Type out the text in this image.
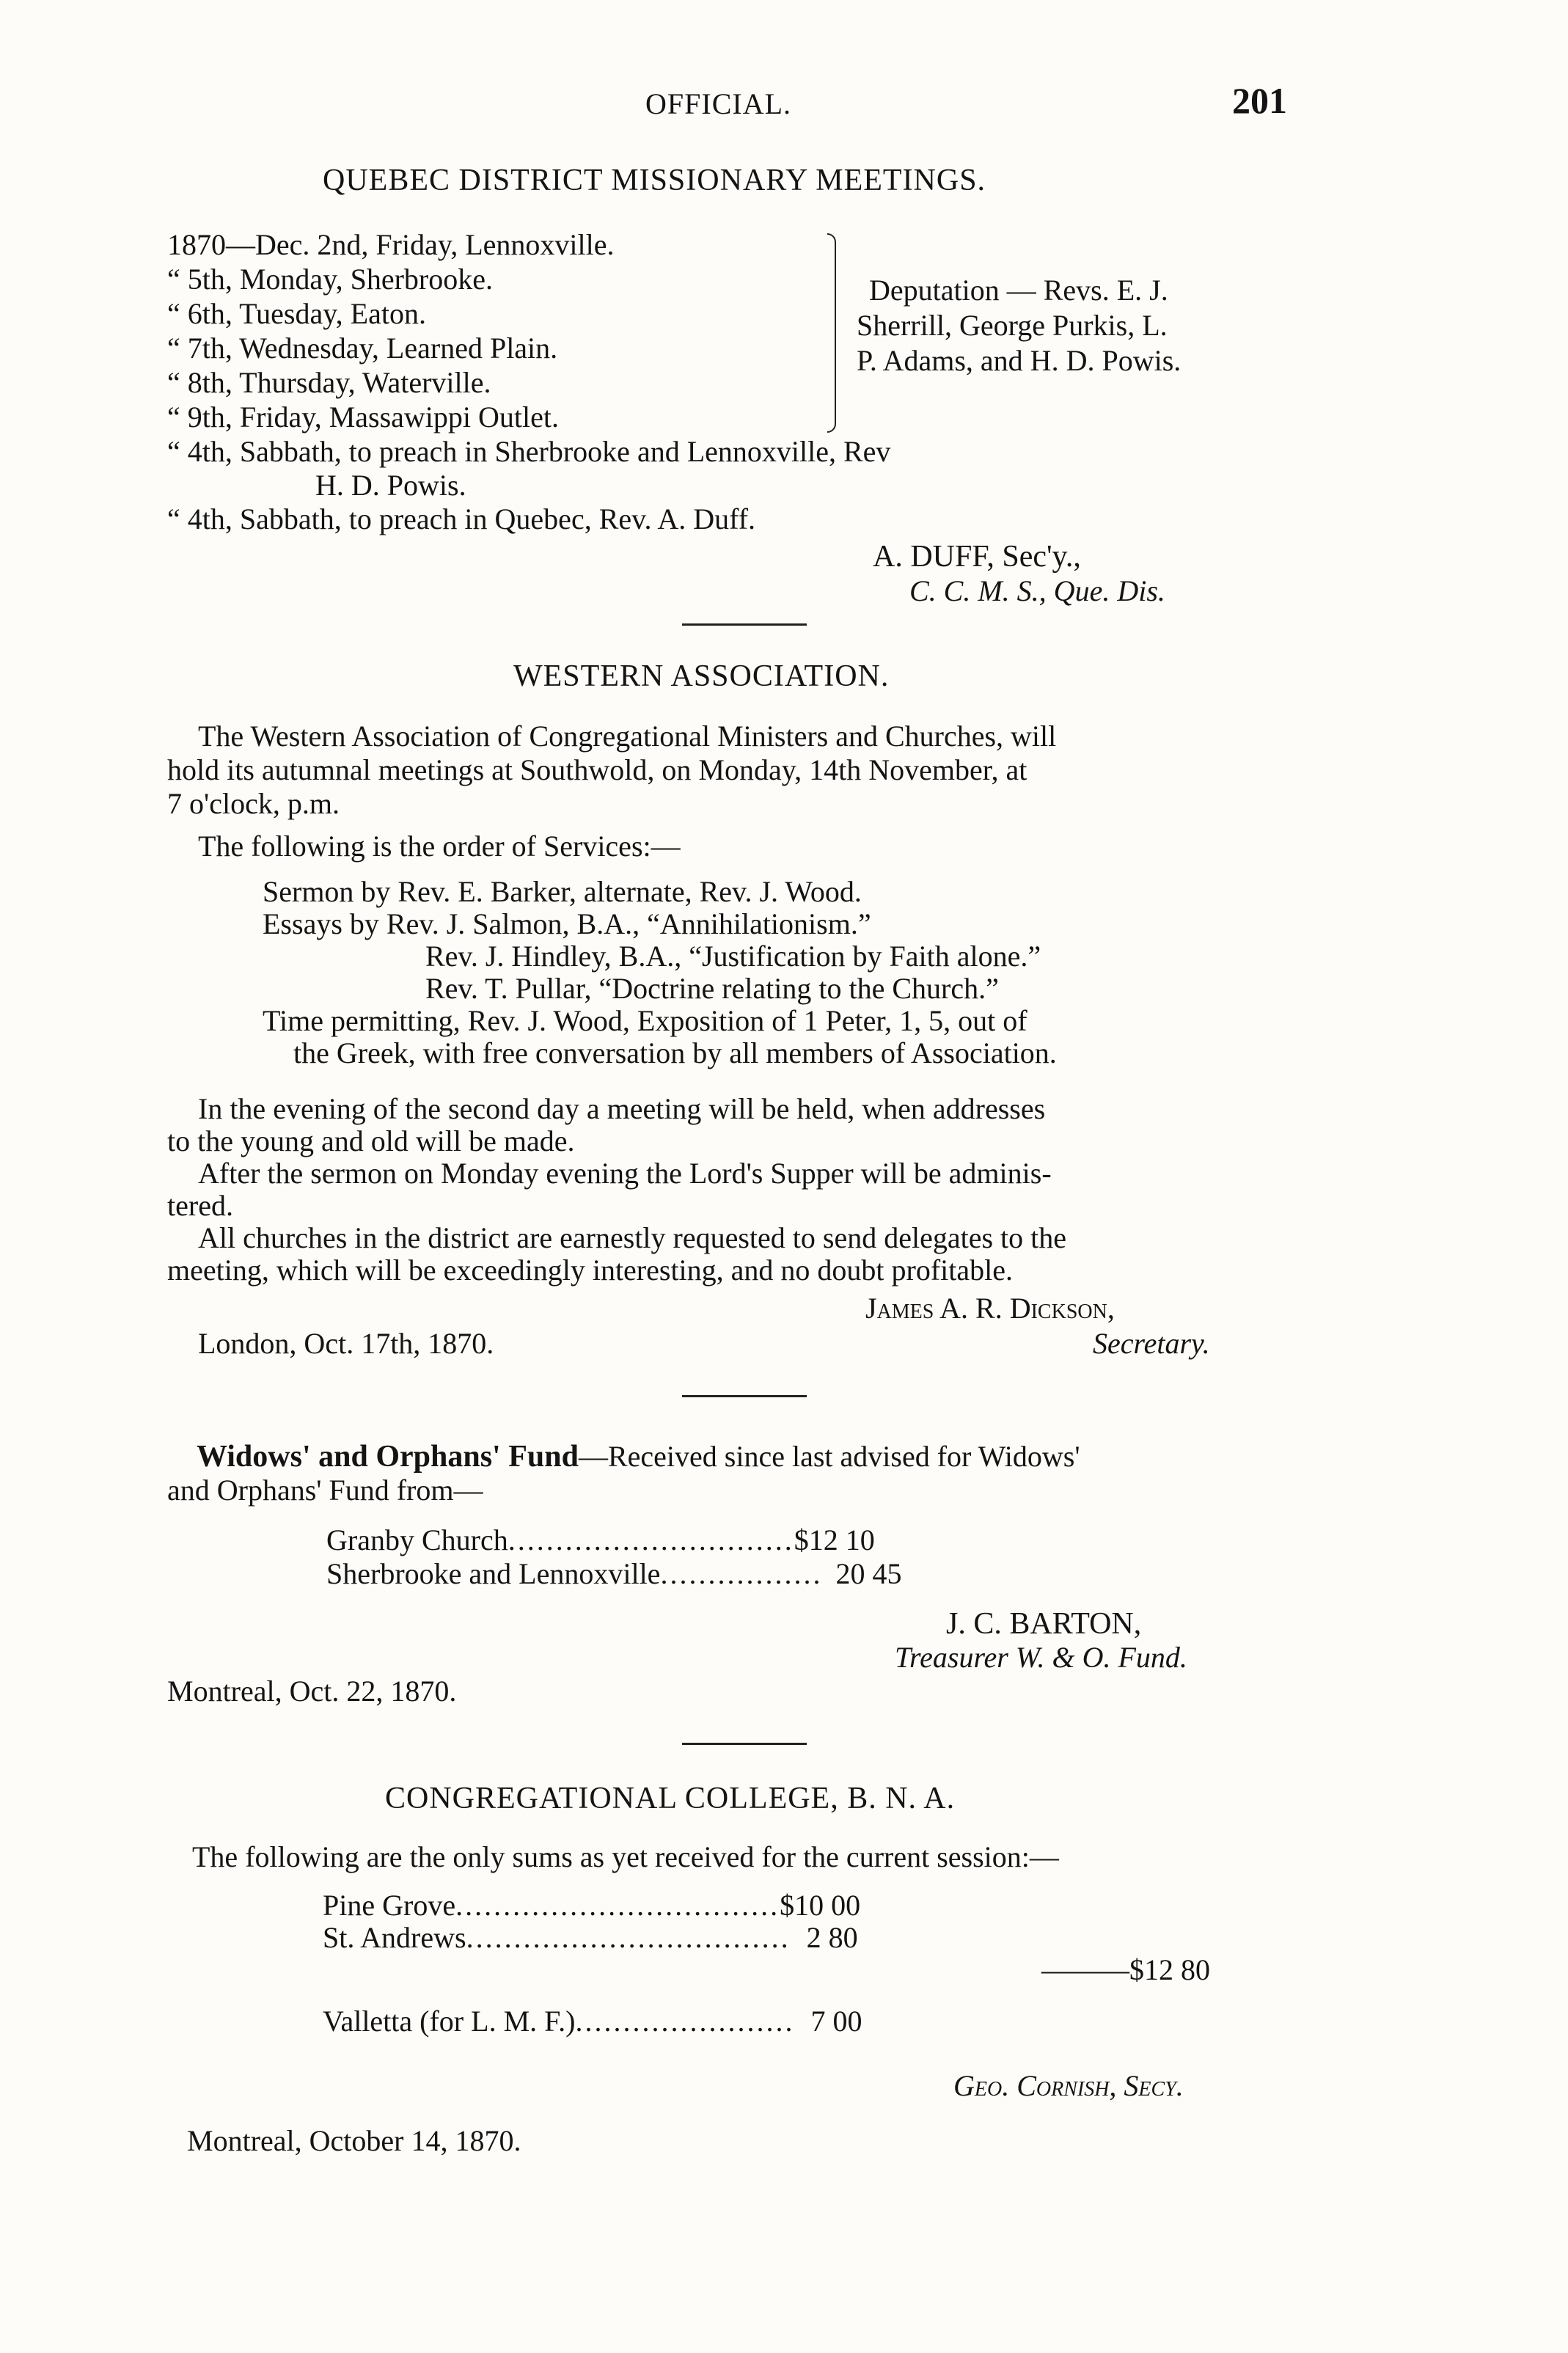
OFFICIAL.	201
QUEBEC DISTRICT MISSIONARY MEETINGS.
1870—Dec. 2nd, Friday, Lennoxville.
“ 5th, Monday, Sherbrooke.
“ 6th, Tuesday, Eaton.
“ 7th, Wednesday, Learned Plain.
“ 8th, Thursday, Waterville.
“ 9th, Friday, Massawippi Outlet.
Deputation — Revs. E. J.
Sherrill, George Purkis, L.
P. Adams, and H. D. Powis.
“ 4th, Sabbath, to preach in Sherbrooke and Lennoxville, Rev
H. D. Powis.
“ 4th, Sabbath, to preach in Quebec, Rev. A. Duff.
A. DUFF, Sec'y.,
C. C. M. S., Que. Dis.
WESTERN ASSOCIATION.
The Western Association of Congregational Ministers and Churches, will
hold its autumnal meetings at Southwold, on Monday, 14th November, at
7 o'clock, p.m.
The following is the order of Services:—
Sermon by Rev. E. Barker, alternate, Rev. J. Wood.
Essays by Rev. J. Salmon, B.A., “Annihilationism.”
Rev. J. Hindley, B.A., “Justification by Faith alone.”
Rev. T. Pullar, “Doctrine relating to the Church.”
Time permitting, Rev. J. Wood, Exposition of 1 Peter, 1, 5, out of
the Greek, with free conversation by all members of Association.
In the evening of the second day a meeting will be held, when addresses
to the young and old will be made.
After the sermon on Monday evening the Lord's Supper will be adminis-
tered.
All churches in the district are earnestly requested to send delegates to the
meeting, which will be exceedingly interesting, and no doubt profitable.
James A. R. Dickson,
London, Oct. 17th, 1870.	Secretary.
Widows' and Orphans' Fund—Received since last advised for Widows'
and Orphans' Fund from—
Granby Church..............................$12 10
Sherbrooke and Lennoxville................. 20 45
J. C. BARTON,
Treasurer W. & O. Fund.
Montreal, Oct. 22, 1870.
CONGREGATIONAL COLLEGE, B. N. A.
The following are the only sums as yet received for the current session:—
Pine Grove..................................$10 00
St. Andrews.................................. 2 80
———$12 80
Valletta (for L. M. F.)....................... 7 00
Geo. Cornish, Secy.
Montreal, October 14, 1870.
